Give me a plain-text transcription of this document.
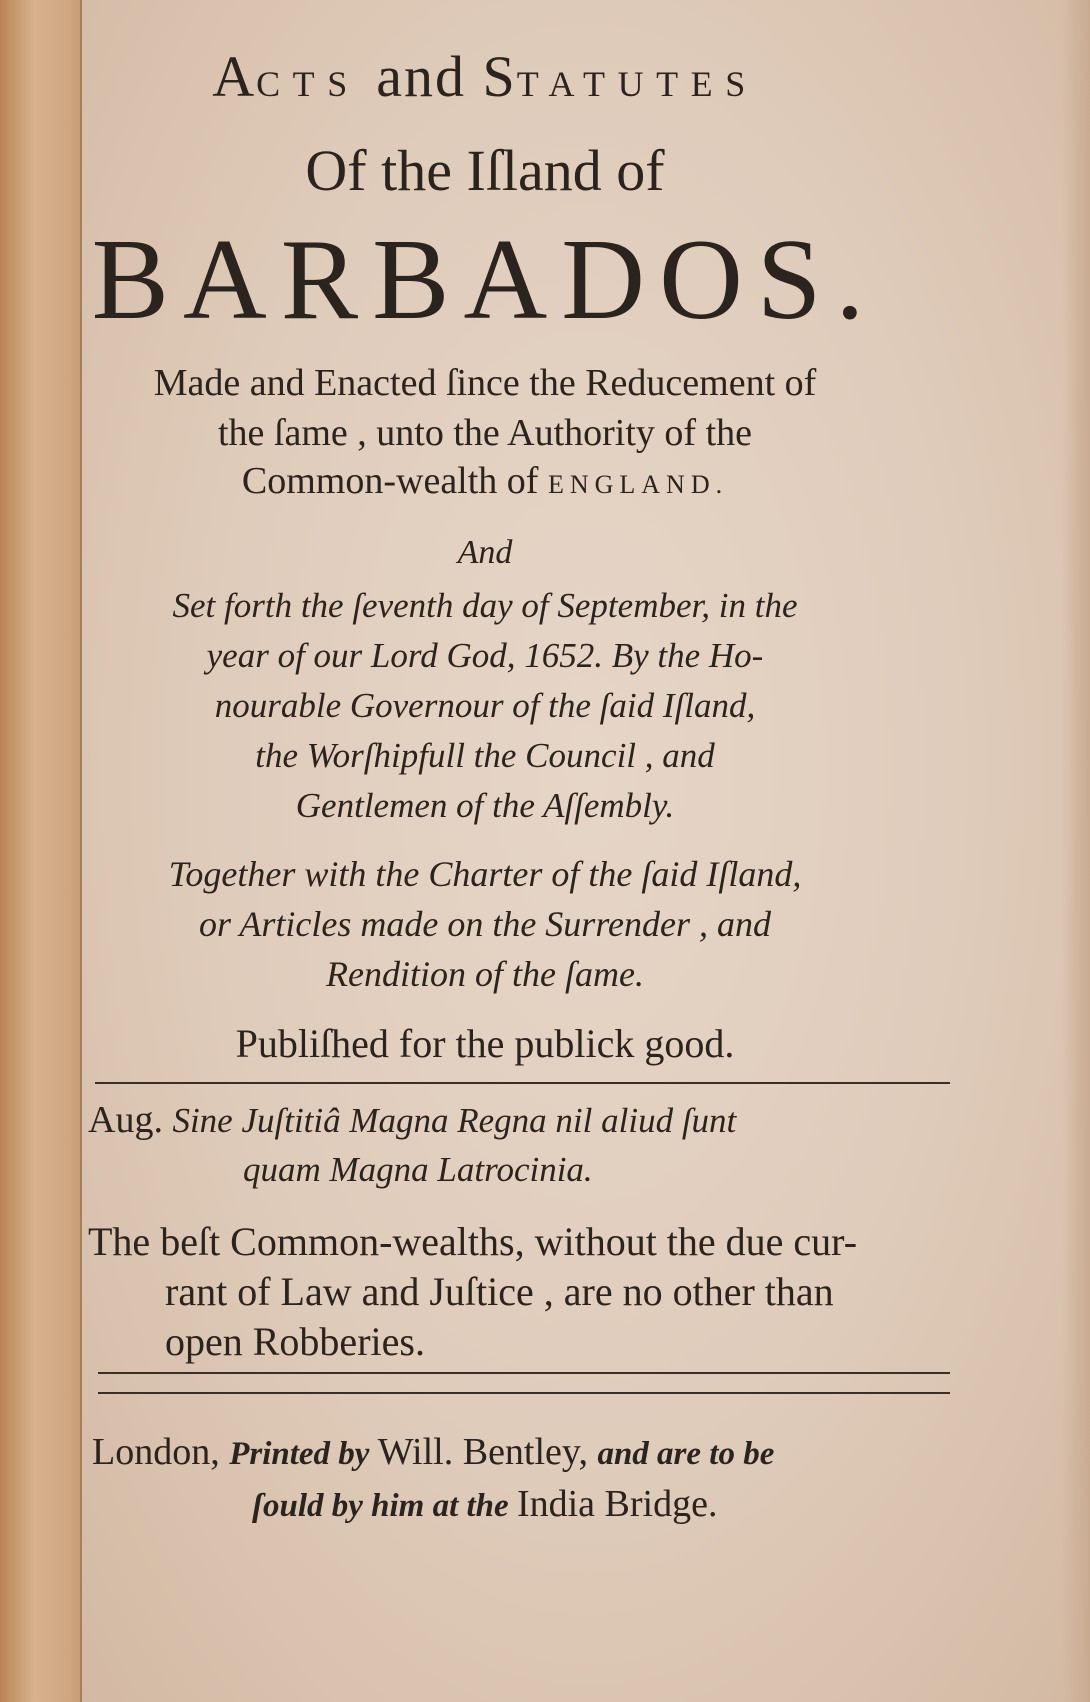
ACTS and STATUTES
Of the Iſland of
BARBADOS.
Made and Enacted ſince the Reducement of
the ſame , unto the Authority of the
Common-wealth of ENGLAND.
And
Set forth the ſeventh day of September, in the
year of our Lord God, 1652. By the Ho-
nourable Governour of the ſaid Iſland,
the Worſhipfull the Council , and
Gentlemen of the Aſſembly.
Together with the Charter of the ſaid Iſland,
or Articles made on the Surrender , and
Rendition of the ſame.
Publiſhed for the publick good.
Aug. Sine Juſtitiâ Magna Regna nil aliud ſunt
quam Magna Latrocinia.
The beſt Common-wealths, without the due cur-
rant of Law and Juſtice , are no other than
open Robberies.
London, Printed by Will. Bentley, and are to be
ſould by him at the India Bridge.
